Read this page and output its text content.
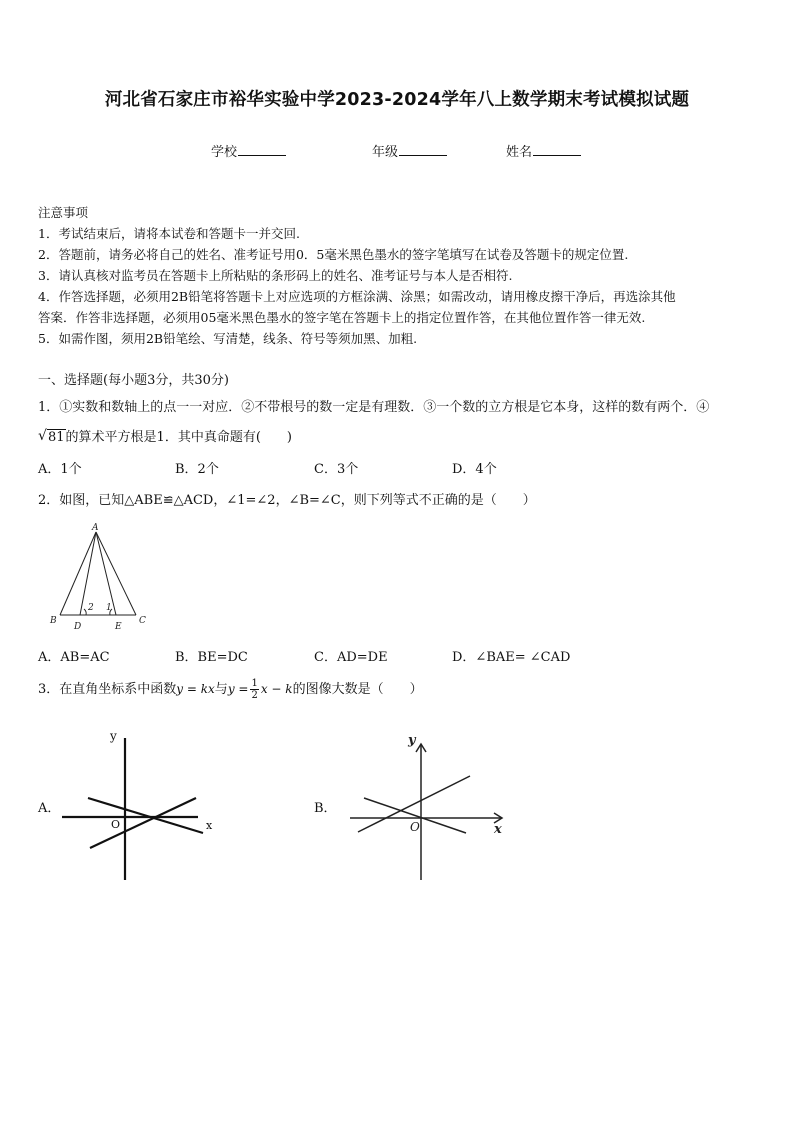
河北省石家庄市裕华实验中学2023-2024学年八上数学期末考试模拟试题
学校	年级	姓名
注意事项
1．考试结束后，请将本试卷和答题卡一并交回.
2．答题前，请务必将自己的姓名、准考证号用0．5毫米黑色墨水的签字笔填写在试卷及答题卡的规定位置.
3．请认真核对监考员在答题卡上所粘贴的条形码上的姓名、准考证号与本人是否相符.
4．作答选择题，必须用2B铅笔将答题卡上对应选项的方框涂满、涂黑；如需改动，请用橡皮擦干净后，再选涂其他
答案．作答非选择题，必须用05毫米黑色墨水的签字笔在答题卡上的指定位置作答，在其他位置作答一律无效.
5．如需作图，须用2B铅笔绘、写清楚，线条、符号等须加黑、加粗.
一、选择题(每小题3分，共30分)
1．①实数和数轴上的点一一对应．②不带根号的数一定是有理数．③一个数的立方根是它本身，这样的数有两个．④
√ 81的算术平方根是1．其中真命题有(　　)
A．1个	B．2个	C．3个	D．4个
2．如图，已知△ABE≌△ACD，∠1=∠2，∠B=∠C，则下列等式不正确的是（　　）
A
B	C
D	E
2 1
A．AB=AC	B．BE=DC	C．AD=DE	D．∠BAE= ∠CAD
3．在直角坐标系中函数y = kx与$y = \frac{1}{2}$ x − k的图像大数是（　　）
A．	B．
y
x
O
y
x
O
